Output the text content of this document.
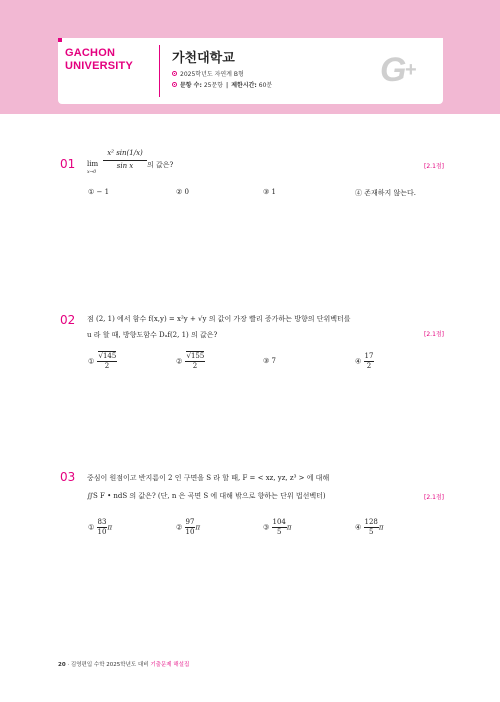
GACHON
UNIVERSITY	가천대학교
2025학년도 자연계 B형
문항 수: 25문항 | 제한시간: 60분	G
+
01	[2.1점]
lim
x→0
x² sin(1/x)
sin x	의 값은?
① − 1	② 0	③ 1	④ 존재하지 않는다.
02
[2.1점]
점 (2, 1) 에서 함수 f(x,y) = x²y + √y 의 값이 가장 빨리 증가하는 방향의 단위벡터를
u 라 할 때, 방향도함수 Dᵤf(2, 1) 의 값은?
① $\frac{√145}{2}$	② $\frac{√155}{2}$	③ 7	④ $\frac{17}{2}$
03
[2.1점]
중심이 원점이고 반지름이 2 인 구면을 S 라 할 때, F = < xz, yz, z³ > 에 대해
∬S F • ndS 의 값은? (단, n 은 곡면 S 에 대해 밖으로 향하는 단위 법선벡터)
① $\frac{83}{10}$ π	② $\frac{97}{10}$ π	③ $\frac{104}{5}$ π	④ $\frac{128}{5}$ π
20 · 김영편입 수학 2025학년도 대비 기출문제 해설집
